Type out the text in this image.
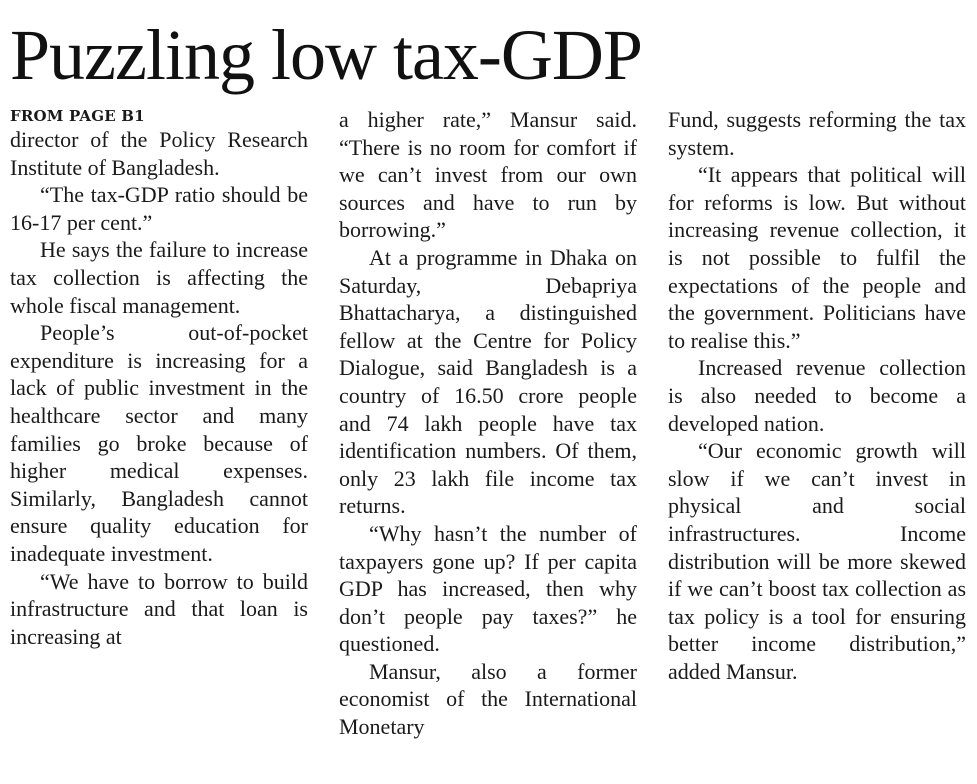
Puzzling low tax-GDP
FROM PAGE B1

director of the Policy Research Institute of Bangladesh.

“The tax-GDP ratio should be 16-17 per cent.”

He says the failure to increase tax collection is affecting the whole fiscal management.

People’s out-of-pocket expenditure is increasing for a lack of public investment in the healthcare sector and many families go broke because of higher medical expenses. Similarly, Bangladesh cannot ensure quality education for inadequate investment.

“We have to borrow to build infrastructure and that loan is increasing at

a higher rate,” Mansur said. “There is no room for comfort if we can’t invest from our own sources and have to run by borrowing.”

At a programme in Dhaka on Saturday, Debapriya Bhattacharya, a distinguished fellow at the Centre for Policy Dialogue, said Bangladesh is a country of 16.50 crore people and 74 lakh people have tax identification numbers. Of them, only 23 lakh file income tax returns.

“Why hasn’t the number of taxpayers gone up? If per capita GDP has increased, then why don’t people pay taxes?” he questioned.

Mansur, also a former economist of the International Monetary

Fund, suggests reforming the tax system.

“It appears that political will for reforms is low. But without increasing revenue collection, it is not possible to fulfil the expectations of the people and the government. Politicians have to realise this.”

Increased revenue collection is also needed to become a developed nation.

“Our economic growth will slow if we can’t invest in physical and social infrastructures. Income distribution will be more skewed if we can’t boost tax collection as tax policy is a tool for ensuring better income distribution,” added Mansur.
